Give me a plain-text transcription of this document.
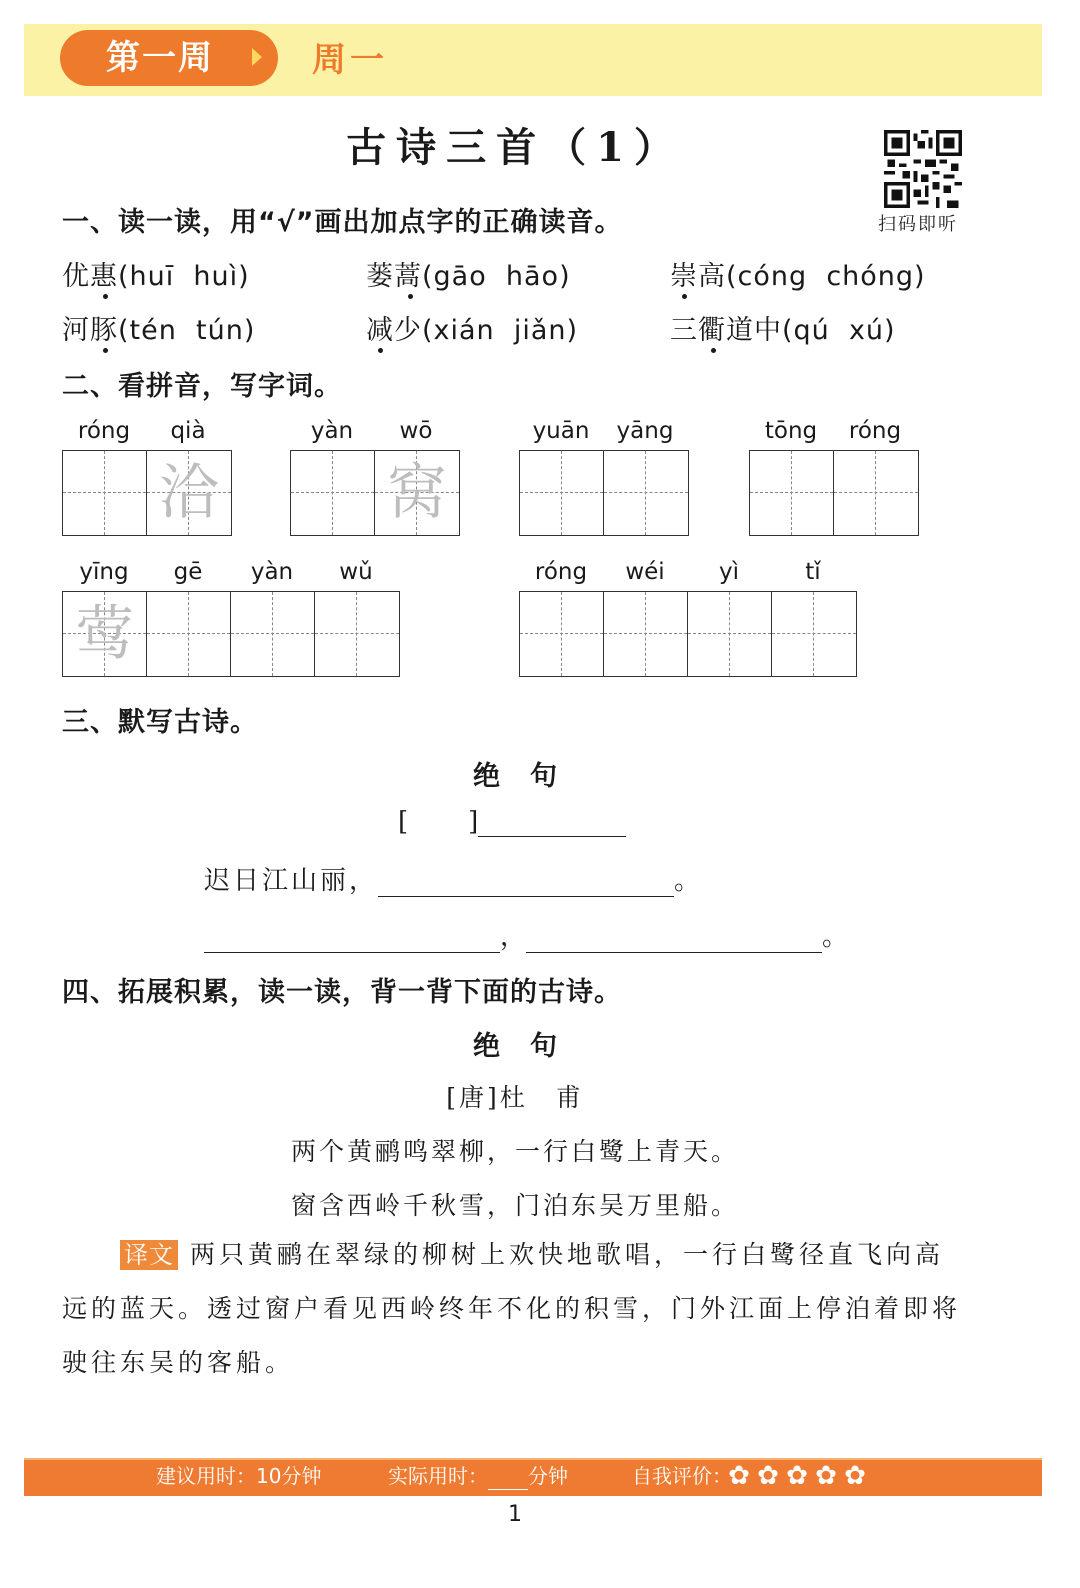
第一周	周一
古诗三首（1）
扫码即听
一、读一读，用“√”画出加点字的正确读音。
优惠(huī  huì)	蒌蒿(gāo  hāo)	崇高(cóng  chóng)
河豚(tén  tún)	减少(xián  jiǎn)	三衢道中(qú  xú)
二、看拼音，写字词。
róng	qià
洽
yàn	wō
窝
yuān	yāng	tōng	róng
yīng	gē	yàn	wǔ
莺
róng	wéi	yì	tǐ
三、默写古诗。
绝句
[ ]
迟日江山丽，	。
，	。
四、拓展积累，读一读，背一背下面的古诗。
绝句
[唐]杜　甫
两个黄鹂鸣翠柳，一行白鹭上青天。
窗含西岭千秋雪，门泊东吴万里船。
译文 两只黄鹂在翠绿的柳树上欢快地歌唱，一行白鹭径直飞向高远的蓝天。透过窗户看见西岭终年不化的积雪，门外江面上停泊着即将驶往东吴的客船。
建议用时：10分钟	实际用时： 分钟	自我评价：
✿ ✿ ✿ ✿ ✿
1
